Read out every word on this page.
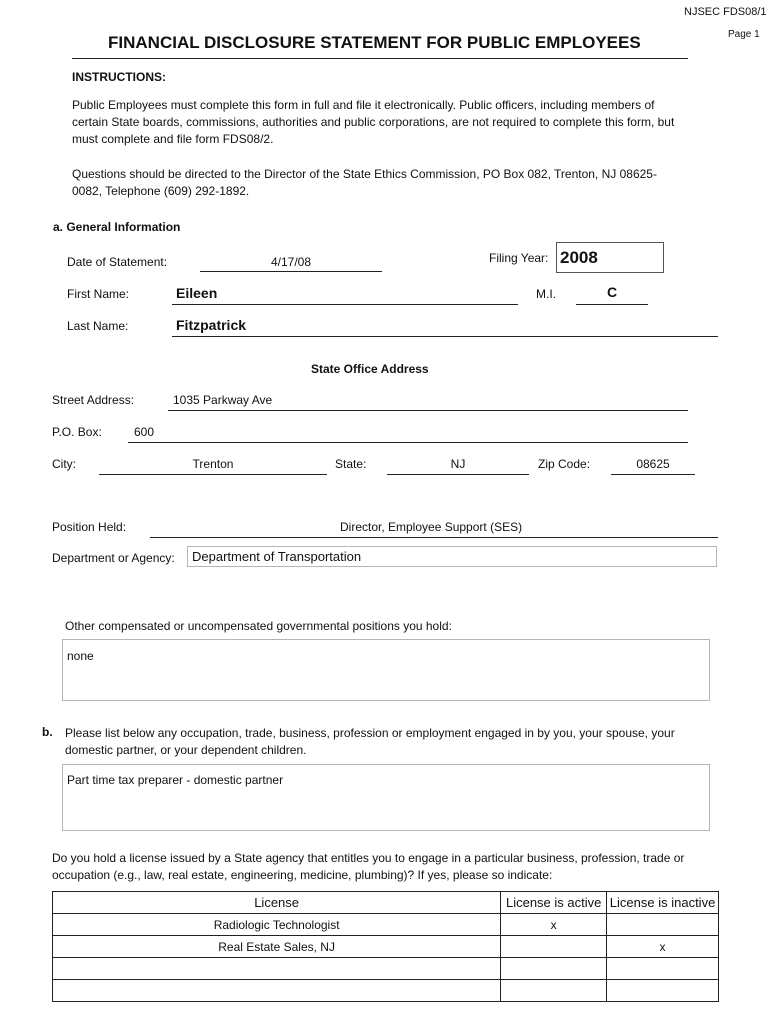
NJSEC FDS08/1
Page 1
FINANCIAL DISCLOSURE STATEMENT FOR PUBLIC EMPLOYEES
INSTRUCTIONS:
Public Employees must complete this form in full and file it electronically. Public officers, including members of certain State boards, commissions, authorities and public corporations, are not required to complete this form, but must complete and file form FDS08/2.
Questions should be directed to the Director of the State Ethics Commission, PO Box 082, Trenton, NJ 08625-0082, Telephone (609) 292-1892.
a. General Information
Date of Statement:	4/17/08	Filing Year: 2008
First Name:	Eileen	M.I.	C
Last Name:	Fitzpatrick
State Office Address
Street Address:	1035 Parkway Ave
P.O. Box:	600
City:	Trenton	State:	NJ	Zip Code:	08625
Position Held:	Director, Employee Support (SES)
Department or Agency: Department of Transportation
Other compensated or uncompensated governmental positions you hold:
none
b. Please list below any occupation, trade, business, profession or employment engaged in by you, your spouse, your domestic partner, or your dependent children.
Part time tax preparer - domestic partner
Do you hold a license issued by a State agency that entitles you to engage in a particular business, profession, trade or occupation (e.g., law, real estate, engineering, medicine, plumbing)? If yes, please so indicate:
License	License is active	License is inactive
Radiologic Technologist	x	
Real Estate Sales, NJ		x
